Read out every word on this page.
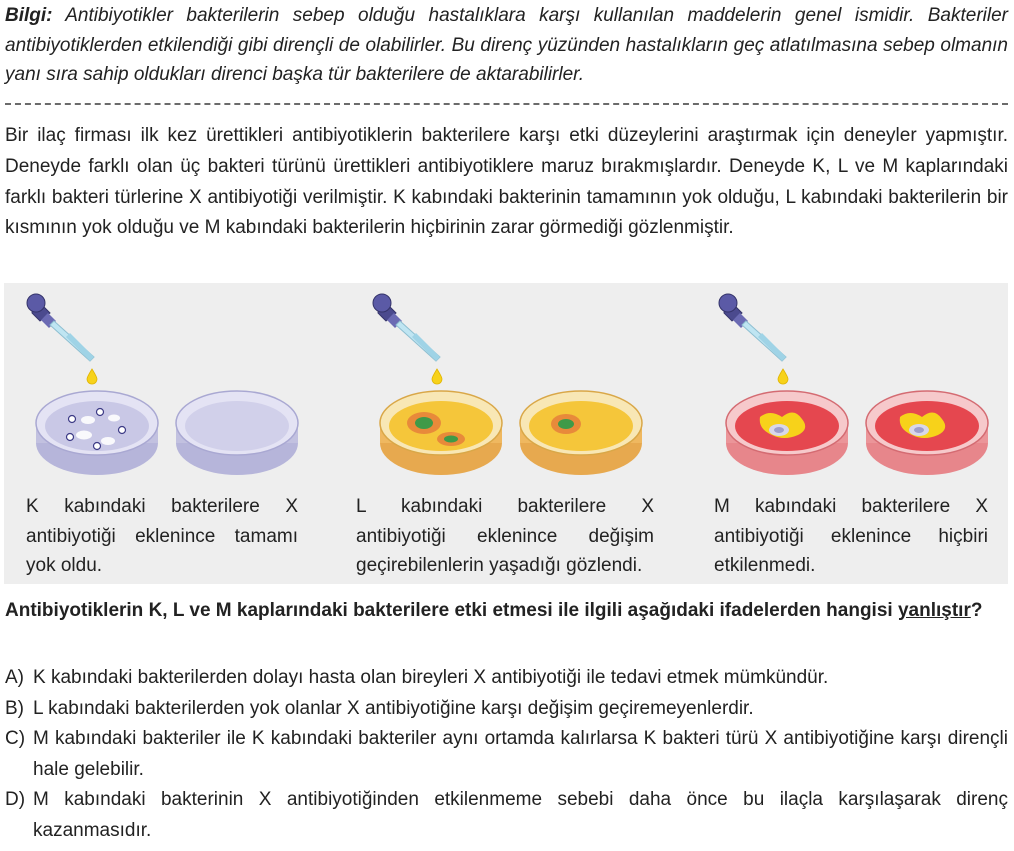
Bilgi: Antibiyotikler bakterilerin sebep olduğu hastalıklara karşı kullanılan maddelerin genel ismidir. Bakteriler antibiyotiklerden etkilendiği gibi dirençli de olabilirler. Bu direnç yüzünden hastalıkların geç atlatılmasına sebep olmanın yanı sıra sahip oldukları direnci başka tür bakterilere de aktarabilirler.
Bir ilaç firması ilk kez ürettikleri antibiyotiklerin bakterilere karşı etki düzeylerini araştırmak için deneyler yapmıştır. Deneyde farklı olan üç bakteri türünü ürettikleri antibiyotiklere maruz bırakmışlardır. Deneyde K, L ve M kaplarındaki farklı bakteri türlerine X antibiyotiği verilmiştir. K kabındaki bakterinin tamamının yok olduğu, L kabındaki bakterilerin bir kısmının yok olduğu ve M kabındaki bakterilerin hiçbirinin zarar görmediği gözlenmiştir.
K kabındaki bakterilere X antibiyotiği eklenince tamamı yok oldu.
L kabındaki bakterilere X antibiyotiği eklenince değişim geçirebilenlerin yaşadığı gözlendi.
M kabındaki bakterilere X antibiyotiği eklenince hiçbiri etkilenmedi.
Antibiyotiklerin K, L ve M kaplarındaki bakterilere etki etmesi ile ilgili aşağıdaki ifadelerden hangisi yanlıştır?
A) K kabındaki bakterilerden dolayı hasta olan bireyleri X antibiyotiği ile tedavi etmek mümkündür.
B) L kabındaki bakterilerden yok olanlar X antibiyotiğine karşı değişim geçiremeyenlerdir.
C) M kabındaki bakteriler ile K kabındaki bakteriler aynı ortamda kalırlarsa K bakteri türü X antibiyotiğine karşı dirençli hale gelebilir.
D) M kabındaki bakterinin X antibiyotiğinden etkilenmeme sebebi daha önce bu ilaçla karşılaşarak direnç kazanmasıdır.
